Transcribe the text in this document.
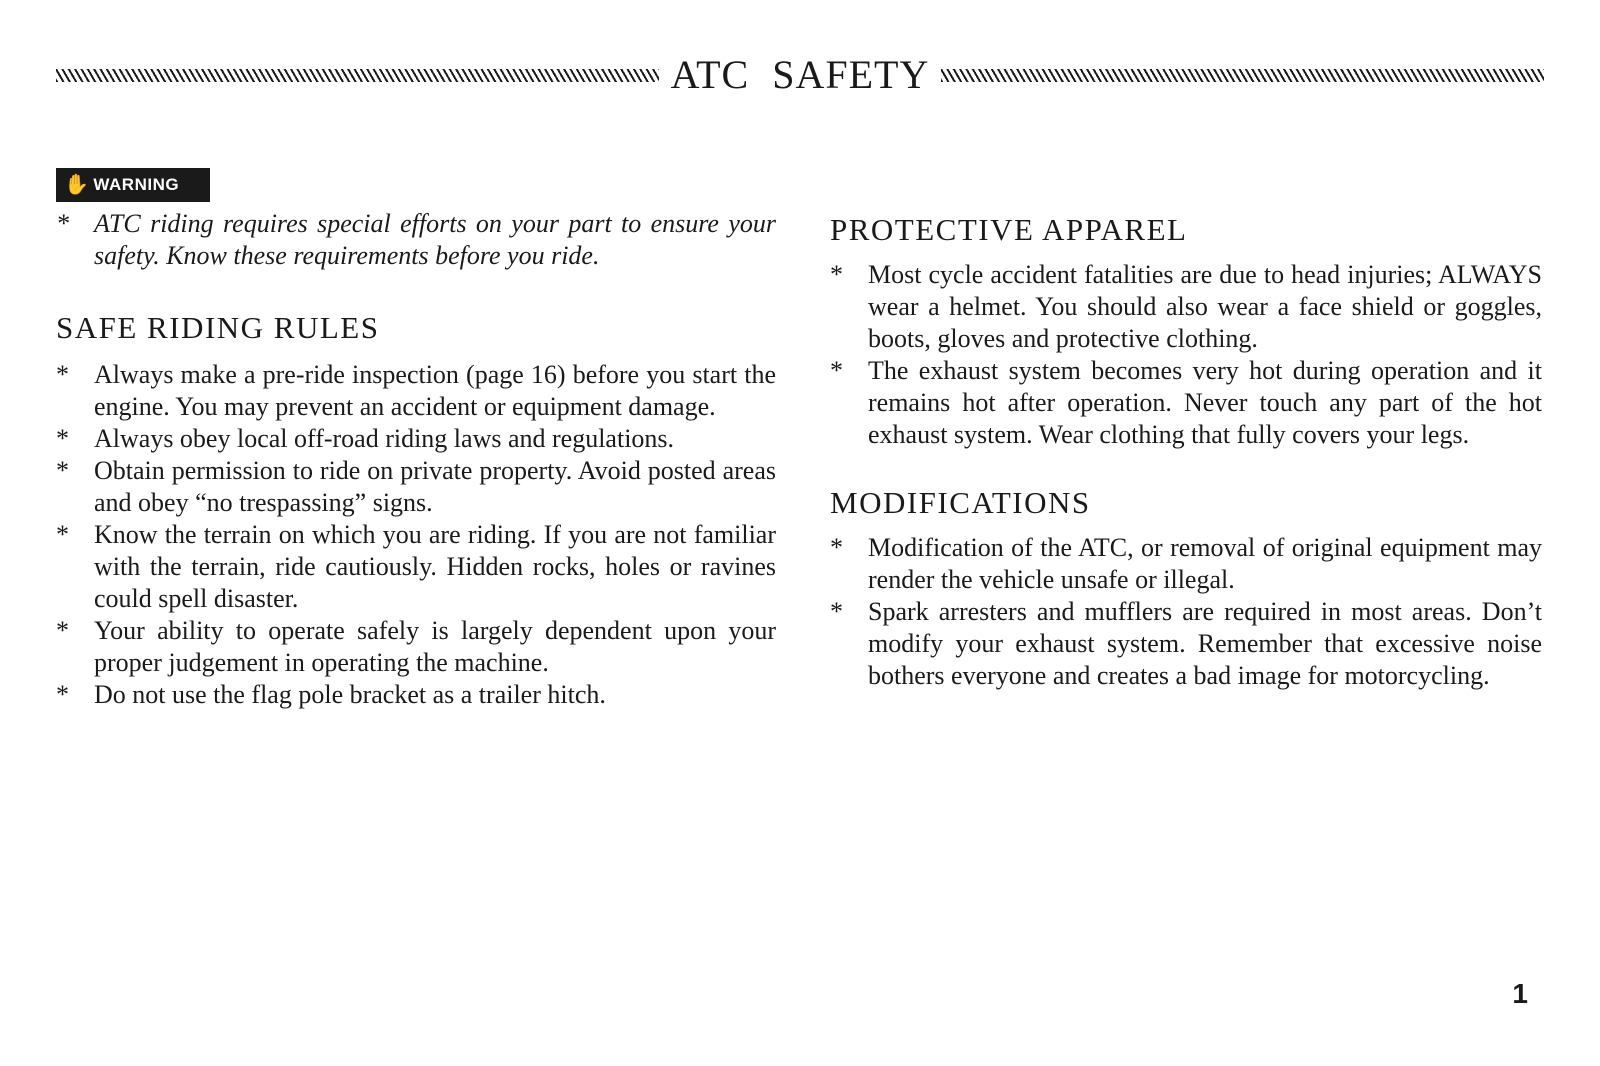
ATC SAFETY
✋ WARNING
* ATC riding requires special efforts on your part to ensure your safety. Know these requirements before you ride.
SAFE RIDING RULES
* Always make a pre-ride inspection (page 16) before you start the engine. You may prevent an accident or equipment damage.
* Always obey local off-road riding laws and regulations.
* Obtain permission to ride on private property. Avoid posted areas and obey “no trespassing” signs.
* Know the terrain on which you are riding. If you are not familiar with the terrain, ride cautiously. Hidden rocks, holes or ravines could spell disaster.
* Your ability to operate safely is largely dependent upon your proper judgement in operating the machine.
* Do not use the flag pole bracket as a trailer hitch.
PROTECTIVE APPAREL
* Most cycle accident fatalities are due to head injuries; ALWAYS wear a helmet. You should also wear a face shield or goggles, boots, gloves and protective clothing.
* The exhaust system becomes very hot during operation and it remains hot after operation. Never touch any part of the hot exhaust system. Wear clothing that fully covers your legs.
MODIFICATIONS
* Modification of the ATC, or removal of original equipment may render the vehicle unsafe or illegal.
* Spark arresters and mufflers are required in most areas. Don’t modify your exhaust system. Remember that excessive noise bothers everyone and creates a bad image for motorcycling.
1
